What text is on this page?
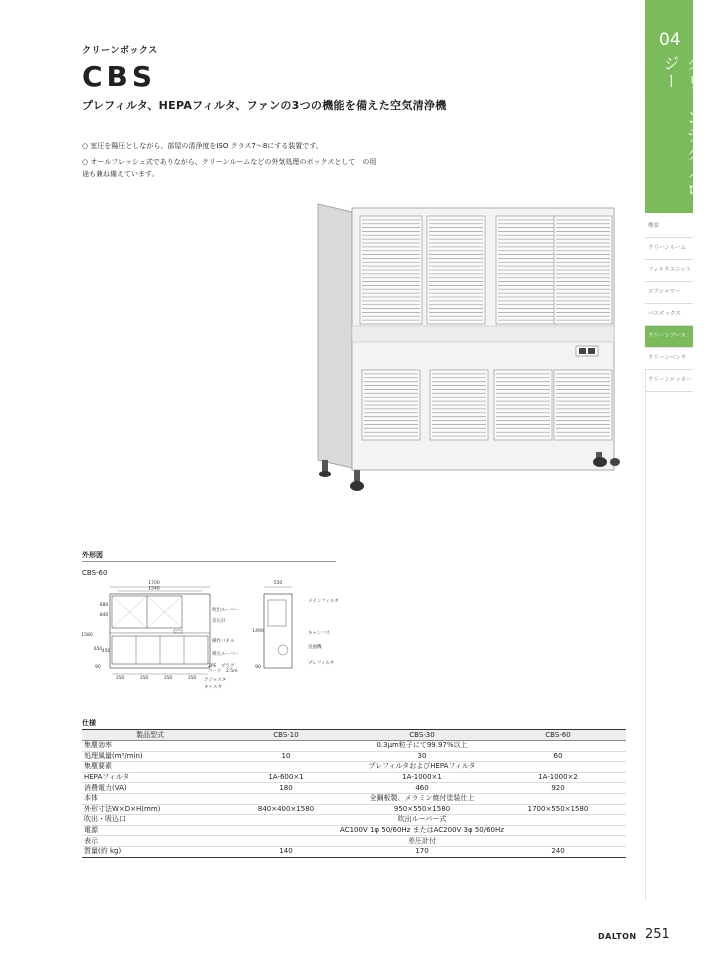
クリーンボックス
CBS
プレフィルタ、HEPAフィルタ、ファンの3つの機能を備えた空気清浄機
○ 室圧を陽圧としながら、部屋の清浄度をISO クラス7～8にする装置です。
○ オールフレッシュ式でありながら、クリーンルームなどの外気処理のボックスとして　の用途も兼ね備えています。
04
クリーンテクノロジー
概要
クリーンルーム
フィルタユニット
エアシャワー
パスボックス
クリーンブース
クリーンベンチ
クリーンロッカー
外形図
CBS-60
1700
1540
840
680
1580
650 450
90
350	350	350	350
吹出ルーバー
差圧計
操作パネル
吸込ルーバー
2PE　プラグ
コード　2.5m
アジャスタ
キャスタ
550
1490
90
メインフィルタ
キャンバス
送風機
プレフィルタ
仕様
製品型式	CBS-10	CBS-30	CBS-60
集塵効率	0.3μm粒子にて99.97%以上		
処理風量(m³/min)	10	30	60
集塵要素	プレフィルタおよびHEPAフィルタ		
HEPAフィルタ	1A-600×1	1A-1000×1	1A-1000×2
消費電力(VA)	180	460	920
本体	全鋼板製、メラミン焼付塗装仕上		
外形寸法W×D×H(mm)	840×400×1580	950×550×1580	1700×550×1580
吹出・吸込口	吹出ルーバー式		
電源	AC100V 1φ 50/60Hz またはAC200V 3φ 50/60Hz		
表示	差圧計付		
質量(約 kg)	140	170	240
DALTON 251
